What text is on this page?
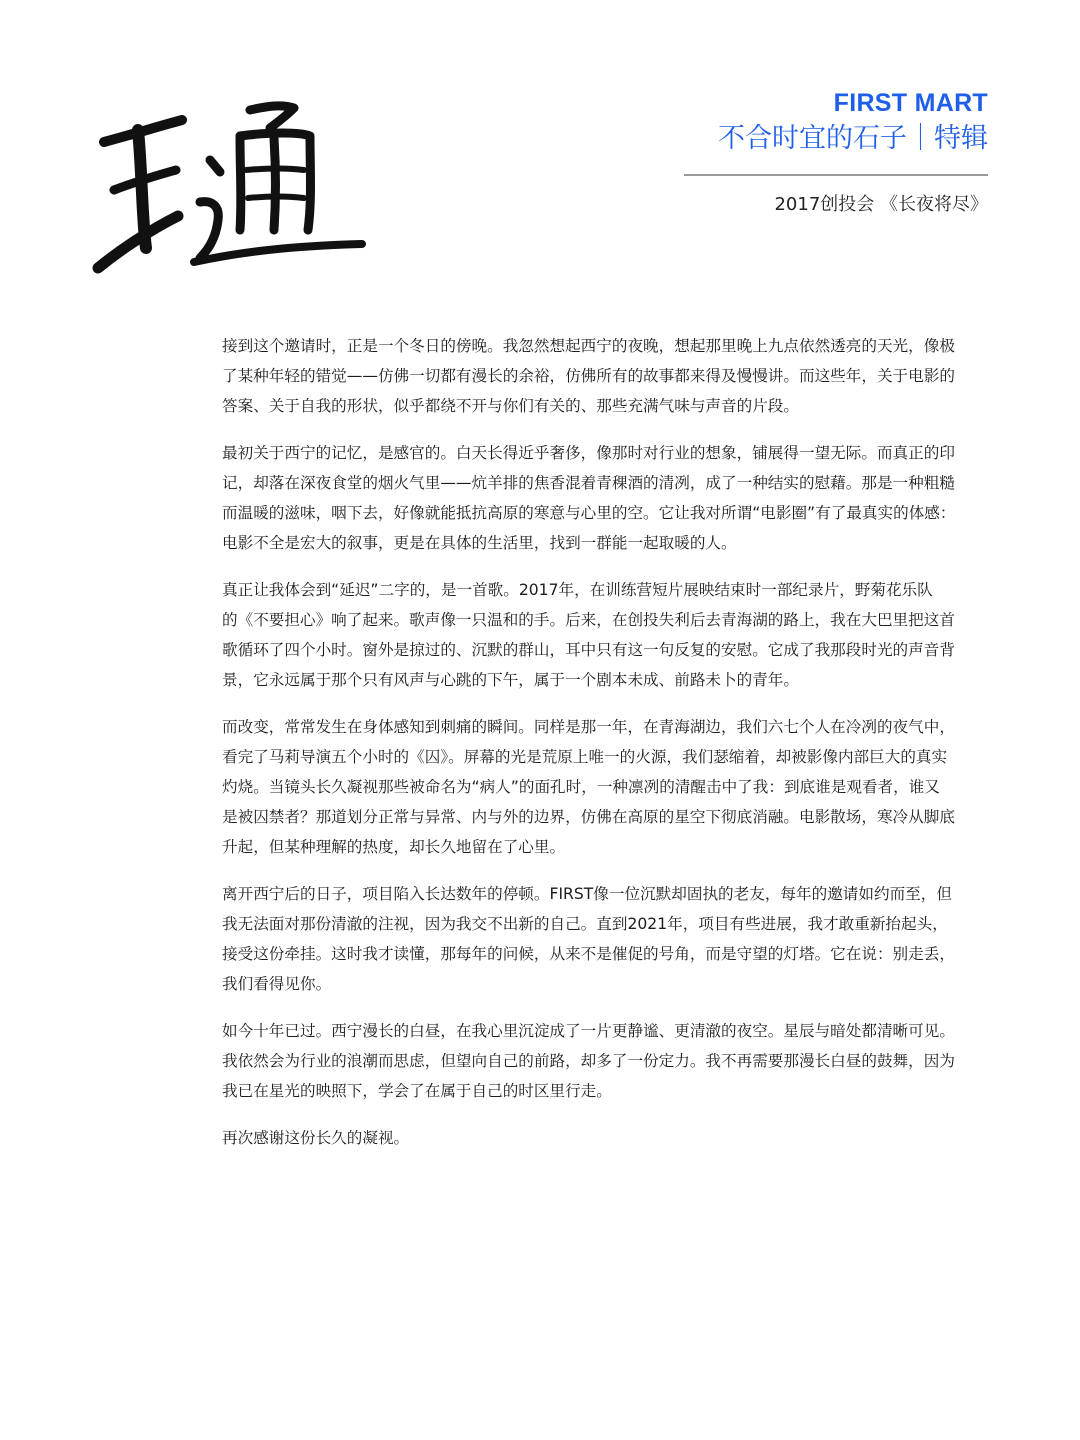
FIRST MART
不合时宜的石子｜特辑
2017创投会 《长夜将尽》
接到这个邀请时，正是一个冬日的傍晚。我忽然想起西宁的夜晚，想起那里晚上九点依然透亮的天光，像极
了某种年轻的错觉——仿佛一切都有漫长的余裕，仿佛所有的故事都来得及慢慢讲。而这些年，关于电影的
答案、关于自我的形状，似乎都绕不开与你们有关的、那些充满气味与声音的片段。
最初关于西宁的记忆，是感官的。白天长得近乎奢侈，像那时对行业的想象，铺展得一望无际。而真正的印
记，却落在深夜食堂的烟火气里——炕羊排的焦香混着青稞酒的清冽，成了一种结实的慰藉。那是一种粗糙
而温暖的滋味，咽下去，好像就能抵抗高原的寒意与心里的空。它让我对所谓“电影圈”有了最真实的体感：
电影不全是宏大的叙事，更是在具体的生活里，找到一群能一起取暖的人。
真正让我体会到“延迟”二字的，是一首歌。2017年，在训练营短片展映结束时一部纪录片，野菊花乐队
的《不要担心》响了起来。歌声像一只温和的手。后来，在创投失利后去青海湖的路上，我在大巴里把这首
歌循环了四个小时。窗外是掠过的、沉默的群山，耳中只有这一句反复的安慰。它成了我那段时光的声音背
景，它永远属于那个只有风声与心跳的下午，属于一个剧本未成、前路未卜的青年。
而改变，常常发生在身体感知到刺痛的瞬间。同样是那一年，在青海湖边，我们六七个人在冷冽的夜气中，
看完了马莉导演五个小时的《囚》。屏幕的光是荒原上唯一的火源，我们瑟缩着，却被影像内部巨大的真实
灼烧。当镜头长久凝视那些被命名为“病人”的面孔时，一种凛冽的清醒击中了我：到底谁是观看者，谁又
是被囚禁者？那道划分正常与异常、内与外的边界，仿佛在高原的星空下彻底消融。电影散场，寒冷从脚底
升起，但某种理解的热度，却长久地留在了心里。
离开西宁后的日子，项目陷入长达数年的停顿。FIRST像一位沉默却固执的老友，每年的邀请如约而至，但
我无法面对那份清澈的注视，因为我交不出新的自己。直到2021年，项目有些进展，我才敢重新抬起头，
接受这份牵挂。这时我才读懂，那每年的问候，从来不是催促的号角，而是守望的灯塔。它在说：别走丢，
我们看得见你。
如今十年已过。西宁漫长的白昼，在我心里沉淀成了一片更静谧、更清澈的夜空。星辰与暗处都清晰可见。
我依然会为行业的浪潮而思虑，但望向自己的前路，却多了一份定力。我不再需要那漫长白昼的鼓舞，因为
我已在星光的映照下，学会了在属于自己的时区里行走。
再次感谢这份长久的凝视。
